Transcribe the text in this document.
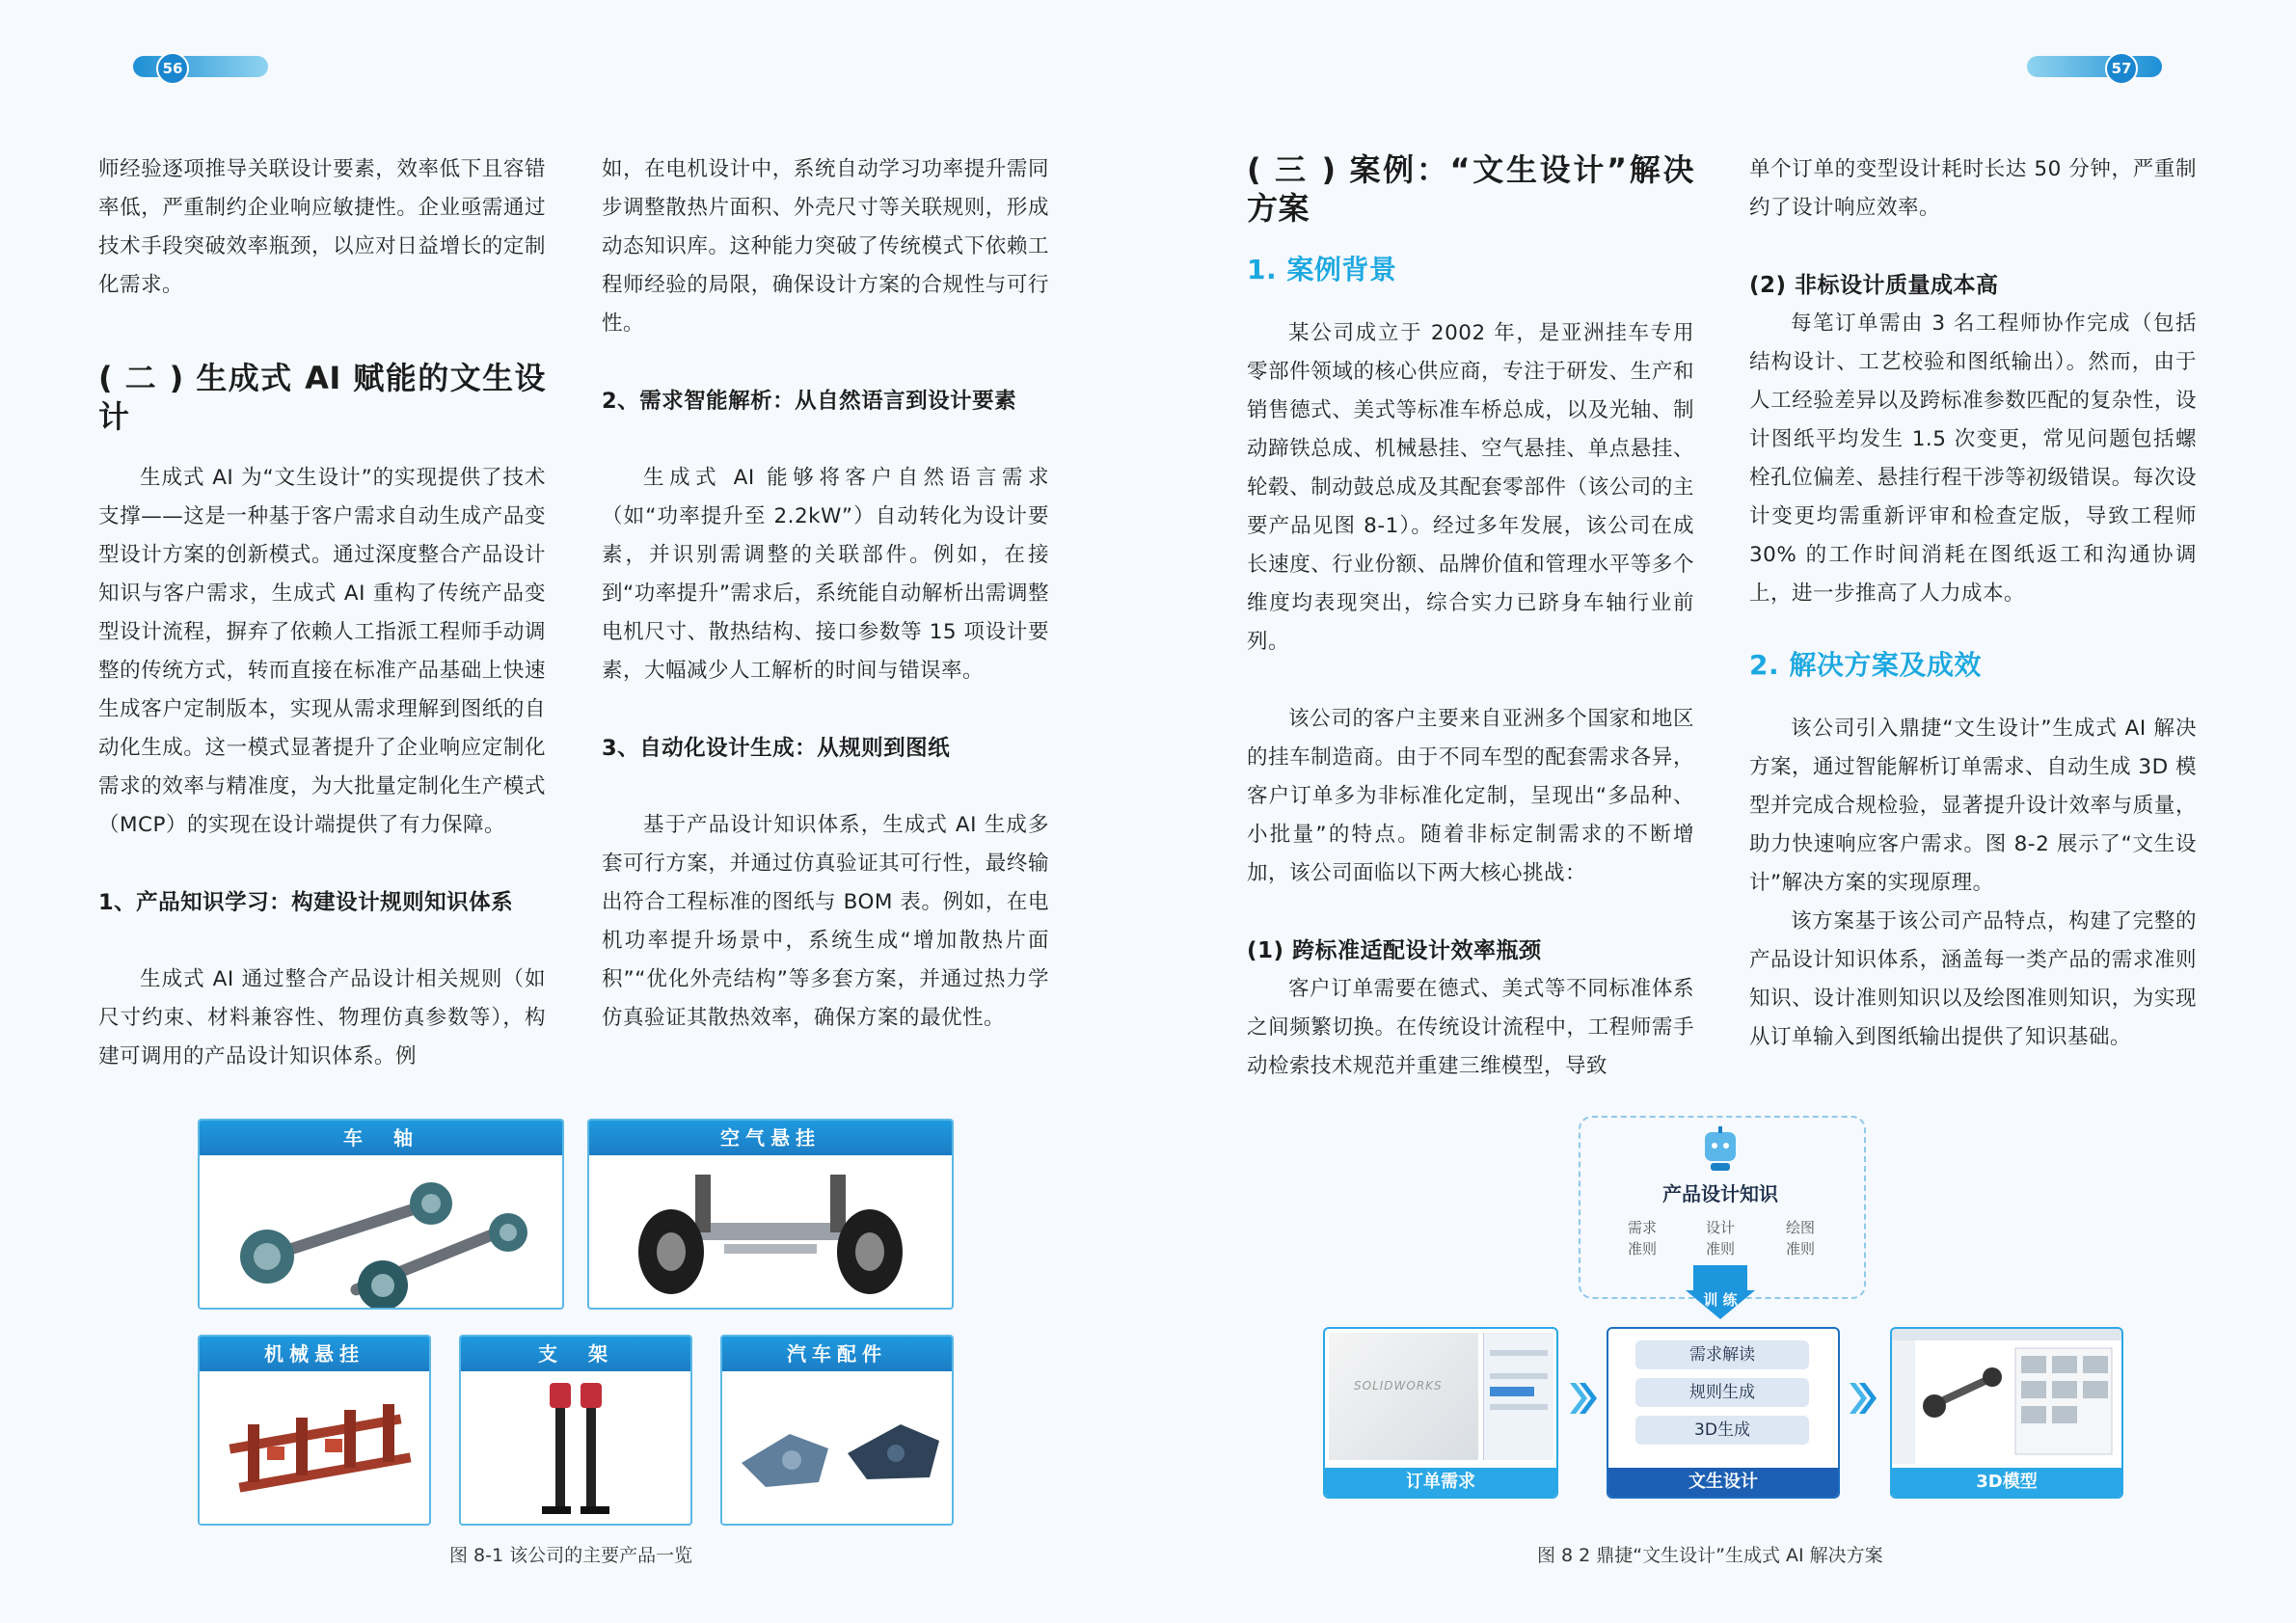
56	57

师经验逐项推导关联设计要素，效率低下且容错率低，严重制约企业响应敏捷性。企业亟需通过技术手段突破效率瓶颈，以应对日益增长的定制化需求。

( 二 ) 生成式 AI 赋能的文生设计

生成式 AI 为“文生设计”的实现提供了技术支撑——这是一种基于客户需求自动生成产品变型设计方案的创新模式。通过深度整合产品设计知识与客户需求，生成式 AI 重构了传统产品变型设计流程，摒弃了依赖人工指派工程师手动调整的传统方式，转而直接在标准产品基础上快速生成客户定制版本，实现从需求理解到图纸的自动化生成。这一模式显著提升了企业响应定制化需求的效率与精准度，为大批量定制化生产模式（MCP）的实现在设计端提供了有力保障。

1、产品知识学习：构建设计规则知识体系

生成式 AI 通过整合产品设计相关规则（如尺寸约束、材料兼容性、物理仿真参数等），构建可调用的产品设计知识体系。例

如，在电机设计中，系统自动学习功率提升需同步调整散热片面积、外壳尺寸等关联规则，形成动态知识库。这种能力突破了传统模式下依赖工程师经验的局限，确保设计方案的合规性与可行性。

2、需求智能解析：从自然语言到设计要素

生成式 AI 能够将客户自然语言需求（如“功率提升至 2.2kW”）自动转化为设计要素，并识别需调整的关联部件。例如，在接到“功率提升”需求后，系统能自动解析出需调整电机尺寸、散热结构、接口参数等 15 项设计要素，大幅减少人工解析的时间与错误率。

3、自动化设计生成：从规则到图纸

基于产品设计知识体系，生成式 AI 生成多套可行方案，并通过仿真验证其可行性，最终输出符合工程标准的图纸与 BOM 表。例如，在电机功率提升场景中，系统生成“增加散热片面积”“优化外壳结构”等多套方案，并通过热力学仿真验证其散热效率，确保方案的最优性。

( 三 ) 案例：“文生设计”解决方案

1. 案例背景

某公司成立于 2002 年，是亚洲挂车专用零部件领域的核心供应商，专注于研发、生产和销售德式、美式等标准车桥总成，以及光轴、制动蹄铁总成、机械悬挂、空气悬挂、单点悬挂、轮毂、制动鼓总成及其配套零部件（该公司的主要产品见图 8-1）。经过多年发展，该公司在成长速度、行业份额、品牌价值和管理水平等多个维度均表现突出，综合实力已跻身车轴行业前列。

该公司的客户主要来自亚洲多个国家和地区的挂车制造商。由于不同车型的配套需求各异，客户订单多为非标准化定制，呈现出“多品种、小批量”的特点。随着非标定制需求的不断增加，该公司面临以下两大核心挑战：

(1) 跨标准适配设计效率瓶颈

客户订单需要在德式、美式等不同标准体系之间频繁切换。在传统设计流程中，工程师需手动检索技术规范并重建三维模型，导致

单个订单的变型设计耗时长达 50 分钟，严重制约了设计响应效率。

(2) 非标设计质量成本高

每笔订单需由 3 名工程师协作完成（包括结构设计、工艺校验和图纸输出）。然而，由于人工经验差异以及跨标准参数匹配的复杂性，设计图纸平均发生 1.5 次变更，常见问题包括螺栓孔位偏差、悬挂行程干涉等初级错误。每次设计变更均需重新评审和检查定版，导致工程师 30% 的工作时间消耗在图纸返工和沟通协调上，进一步推高了人力成本。

2. 解决方案及成效

该公司引入鼎捷“文生设计”生成式 AI 解决方案，通过智能解析订单需求、自动生成 3D 模型并完成合规检验，显著提升设计效率与质量，助力快速响应客户需求。图 8-2 展示了“文生设计”解决方案的实现原理。

该方案基于该公司产品特点，构建了完整的产品设计知识体系，涵盖每一类产品的需求准则知识、设计准则知识以及绘图准则知识，为实现从订单输入到图纸输出提供了知识基础。

车　轴	空气悬挂
机械悬挂	支　架	汽车配件
图 8-1 该公司的主要产品一览
产品设计知识
需求
准则
设计
准则
绘图
准则
训 练
SOLIDWORKS
订单需求
需求解读
规则生成
3D生成
文生设计	3D模型
图 8 2 鼎捷“文生设计”生成式 AI 解决方案
